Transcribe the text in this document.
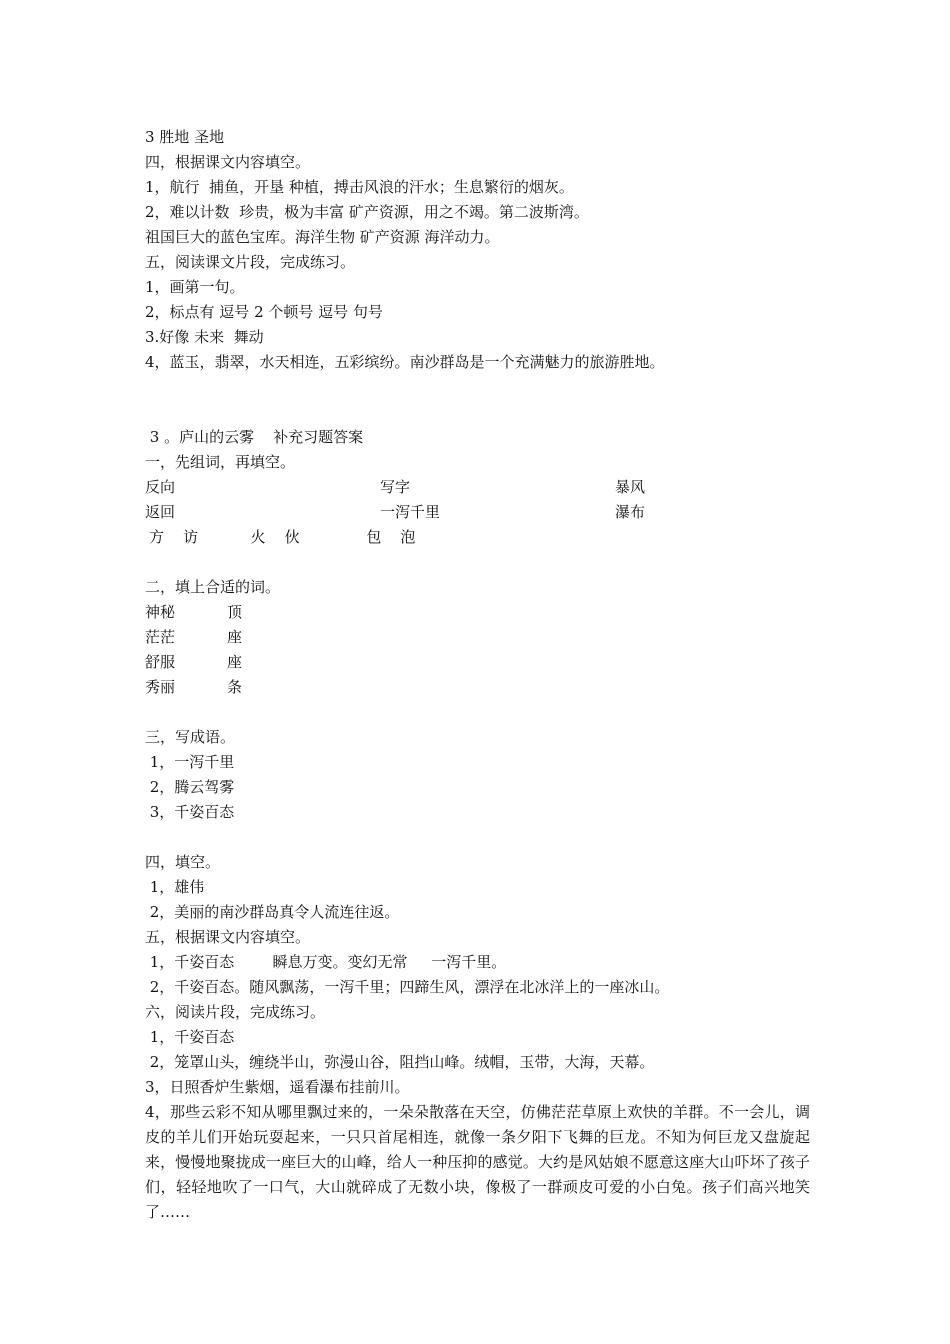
3 胜地 圣地
四，根据课文内容填空。
1，航行  捕鱼，开垦 种植，搏击风浪的汗水；生息繁衍的烟灰。
2，难以计数  珍贵，极为丰富 矿产资源，用之不竭。第二波斯湾。
祖国巨大的蓝色宝库。海洋生物 矿产资源 海洋动力。
五，阅读课文片段，完成练习。
1，画第一句。
2，标点有 逗号 2 个顿号 逗号 句号
3.好像 未来  舞动
4，蓝玉，翡翠，水天相连，五彩缤纷。南沙群岛是一个充满魅力的旅游胜地。
3 。庐山的云雾    补充习题答案
一，先组词，再填空。
反向	写字	暴风
返回	一泻千里	瀑布
方    访           火    伙              包    泡
二，填上合适的词。
神秘	顶
茫茫	座
舒服	座
秀丽	条
三，写成语。
1，一泻千里
2，腾云驾雾
3，千姿百态
四，填空。
1，雄伟
2，美丽的南沙群岛真令人流连往返。
五，根据课文内容填空。
1，千姿百态        瞬息万变。变幻无常     一泻千里。
2，千姿百态。随风飘荡，一泻千里；四蹄生风，漂浮在北冰洋上的一座冰山。
六，阅读片段，完成练习。
1，千姿百态
2，笼罩山头，缠绕半山，弥漫山谷，阻挡山峰。绒帽，玉带，大海，天幕。
3，日照香炉生紫烟，遥看瀑布挂前川。
4，那些云彩不知从哪里飘过来的，一朵朵散落在天空，仿佛茫茫草原上欢快的羊群。不一会儿，调皮的羊儿们开始玩耍起来，一只只首尾相连，就像一条夕阳下飞舞的巨龙。不知为何巨龙又盘旋起来，慢慢地聚拢成一座巨大的山峰，给人一种压抑的感觉。大约是风姑娘不愿意这座大山吓坏了孩子们，轻轻地吹了一口气，大山就碎成了无数小块，像极了一群顽皮可爱的小白兔。孩子们高兴地笑了……
